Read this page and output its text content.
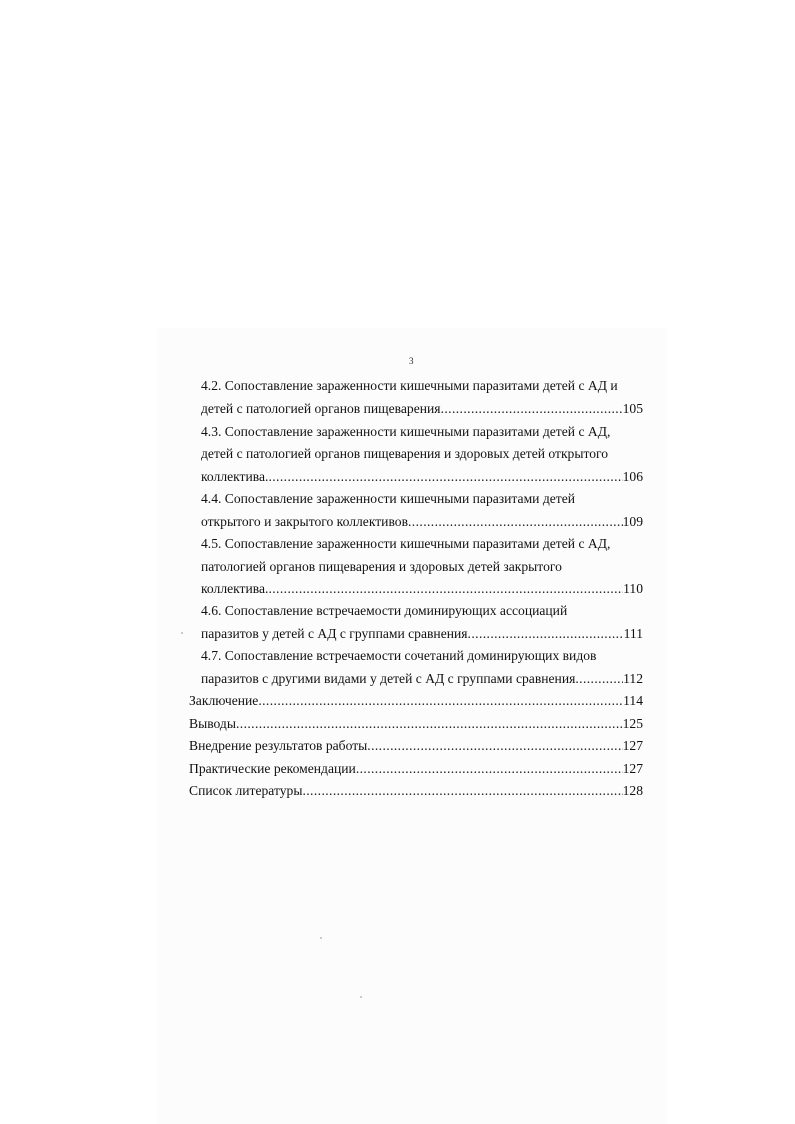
3
4.2. Сопоставление зараженности кишечными паразитами детей с АД и
детей с патологией органов пищеварения .....	105
4.3. Сопоставление зараженности кишечными паразитами детей с АД,
детей с патологией органов пищеварения и здоровых детей открытого
коллектива. .....	106
4.4. Сопоставление зараженности кишечными паразитами детей
открытого и закрытого коллективов .....	109
4.5. Сопоставление зараженности кишечными паразитами детей с АД,
патологией органов пищеварения и здоровых детей закрытого
коллектива. .....	110
4.6. Сопоставление встречаемости доминирующих ассоциаций
паразитов у детей с АД с группами сравнения .....	111
4.7. Сопоставление встречаемости сочетаний доминирующих видов
паразитов с другими видами у детей с АД с группами сравнения .....	112
Заключение .....	114
Выводы .....	125
Внедрение результатов работы .....	127
Практические рекомендации .....	127
Список литературы .....	128
